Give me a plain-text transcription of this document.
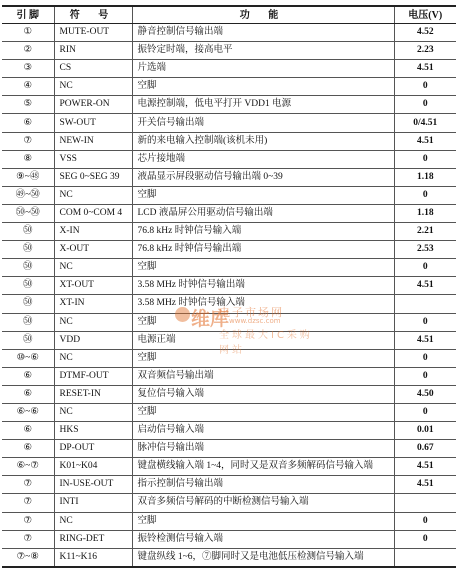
引 脚	符 号	功 能	电压(V)
①	MUTE-OUT	静音控制信号输出端	4.52
②	RIN	振铃定时端，接高电平	2.23
③	CS	片选端	4.51
④	NC	空脚	0
⑤	POWER-ON	电源控制端，低电平打开 VDD1 电源	0
⑥	SW-OUT	开关信号输出端	0/4.51
⑦	NEW-IN	新的来电输入控制端(该机未用)	4.51
⑧	VSS	芯片接地端	0
⑨~㊽	SEG 0~SEG 39	液晶显示屏段驱动信号输出端 0~39	1.18
㊾~㊿	NC	空脚	0
㊿~㊿	COM 0~COM 4	LCD 液晶屏公用驱动信号输出端	1.18
㊿	X-IN	76.8 kHz 时钟信号输入端	2.21
㊿	X-OUT	76.8 kHz 时钟信号输出端	2.53
㊿	NC	空脚	0
㊿	XT-OUT	3.58 MHz 时钟信号输出端	4.51
㊿	XT-IN	3.58 MHz 时钟信号输入端	
㊿	NC	空脚	0
㊿	VDD	电源正端	4.51
⑩~⑥	NC	空脚	0
⑥	DTMF-OUT	双音频信号输出端	0
⑥	RESET-IN	复位信号输入端	4.50
⑥~⑥	NC	空脚	0
⑥	HKS	启动信号输入端	0.01
⑥	DP-OUT	脉冲信号输出端	0.67
⑥~⑦	K01~K04	键盘横线输入端 1~4，同时又是双音多频解码信号输入端	4.51
⑦	IN-USE-OUT	指示控制信号输出端	4.51
⑦	INTI	双音多频信号解码的中断检测信号输入端	
⑦	NC	空脚	0
⑦	RING-DET	振铃检测信号输入端	0
⑦~⑧	K11~K16	键盘纵线 1~6，⑦脚同时又是电池低压检测信号输入端	
维库
电子市场网
www.dzsc.com
全球最大IC采购网站
